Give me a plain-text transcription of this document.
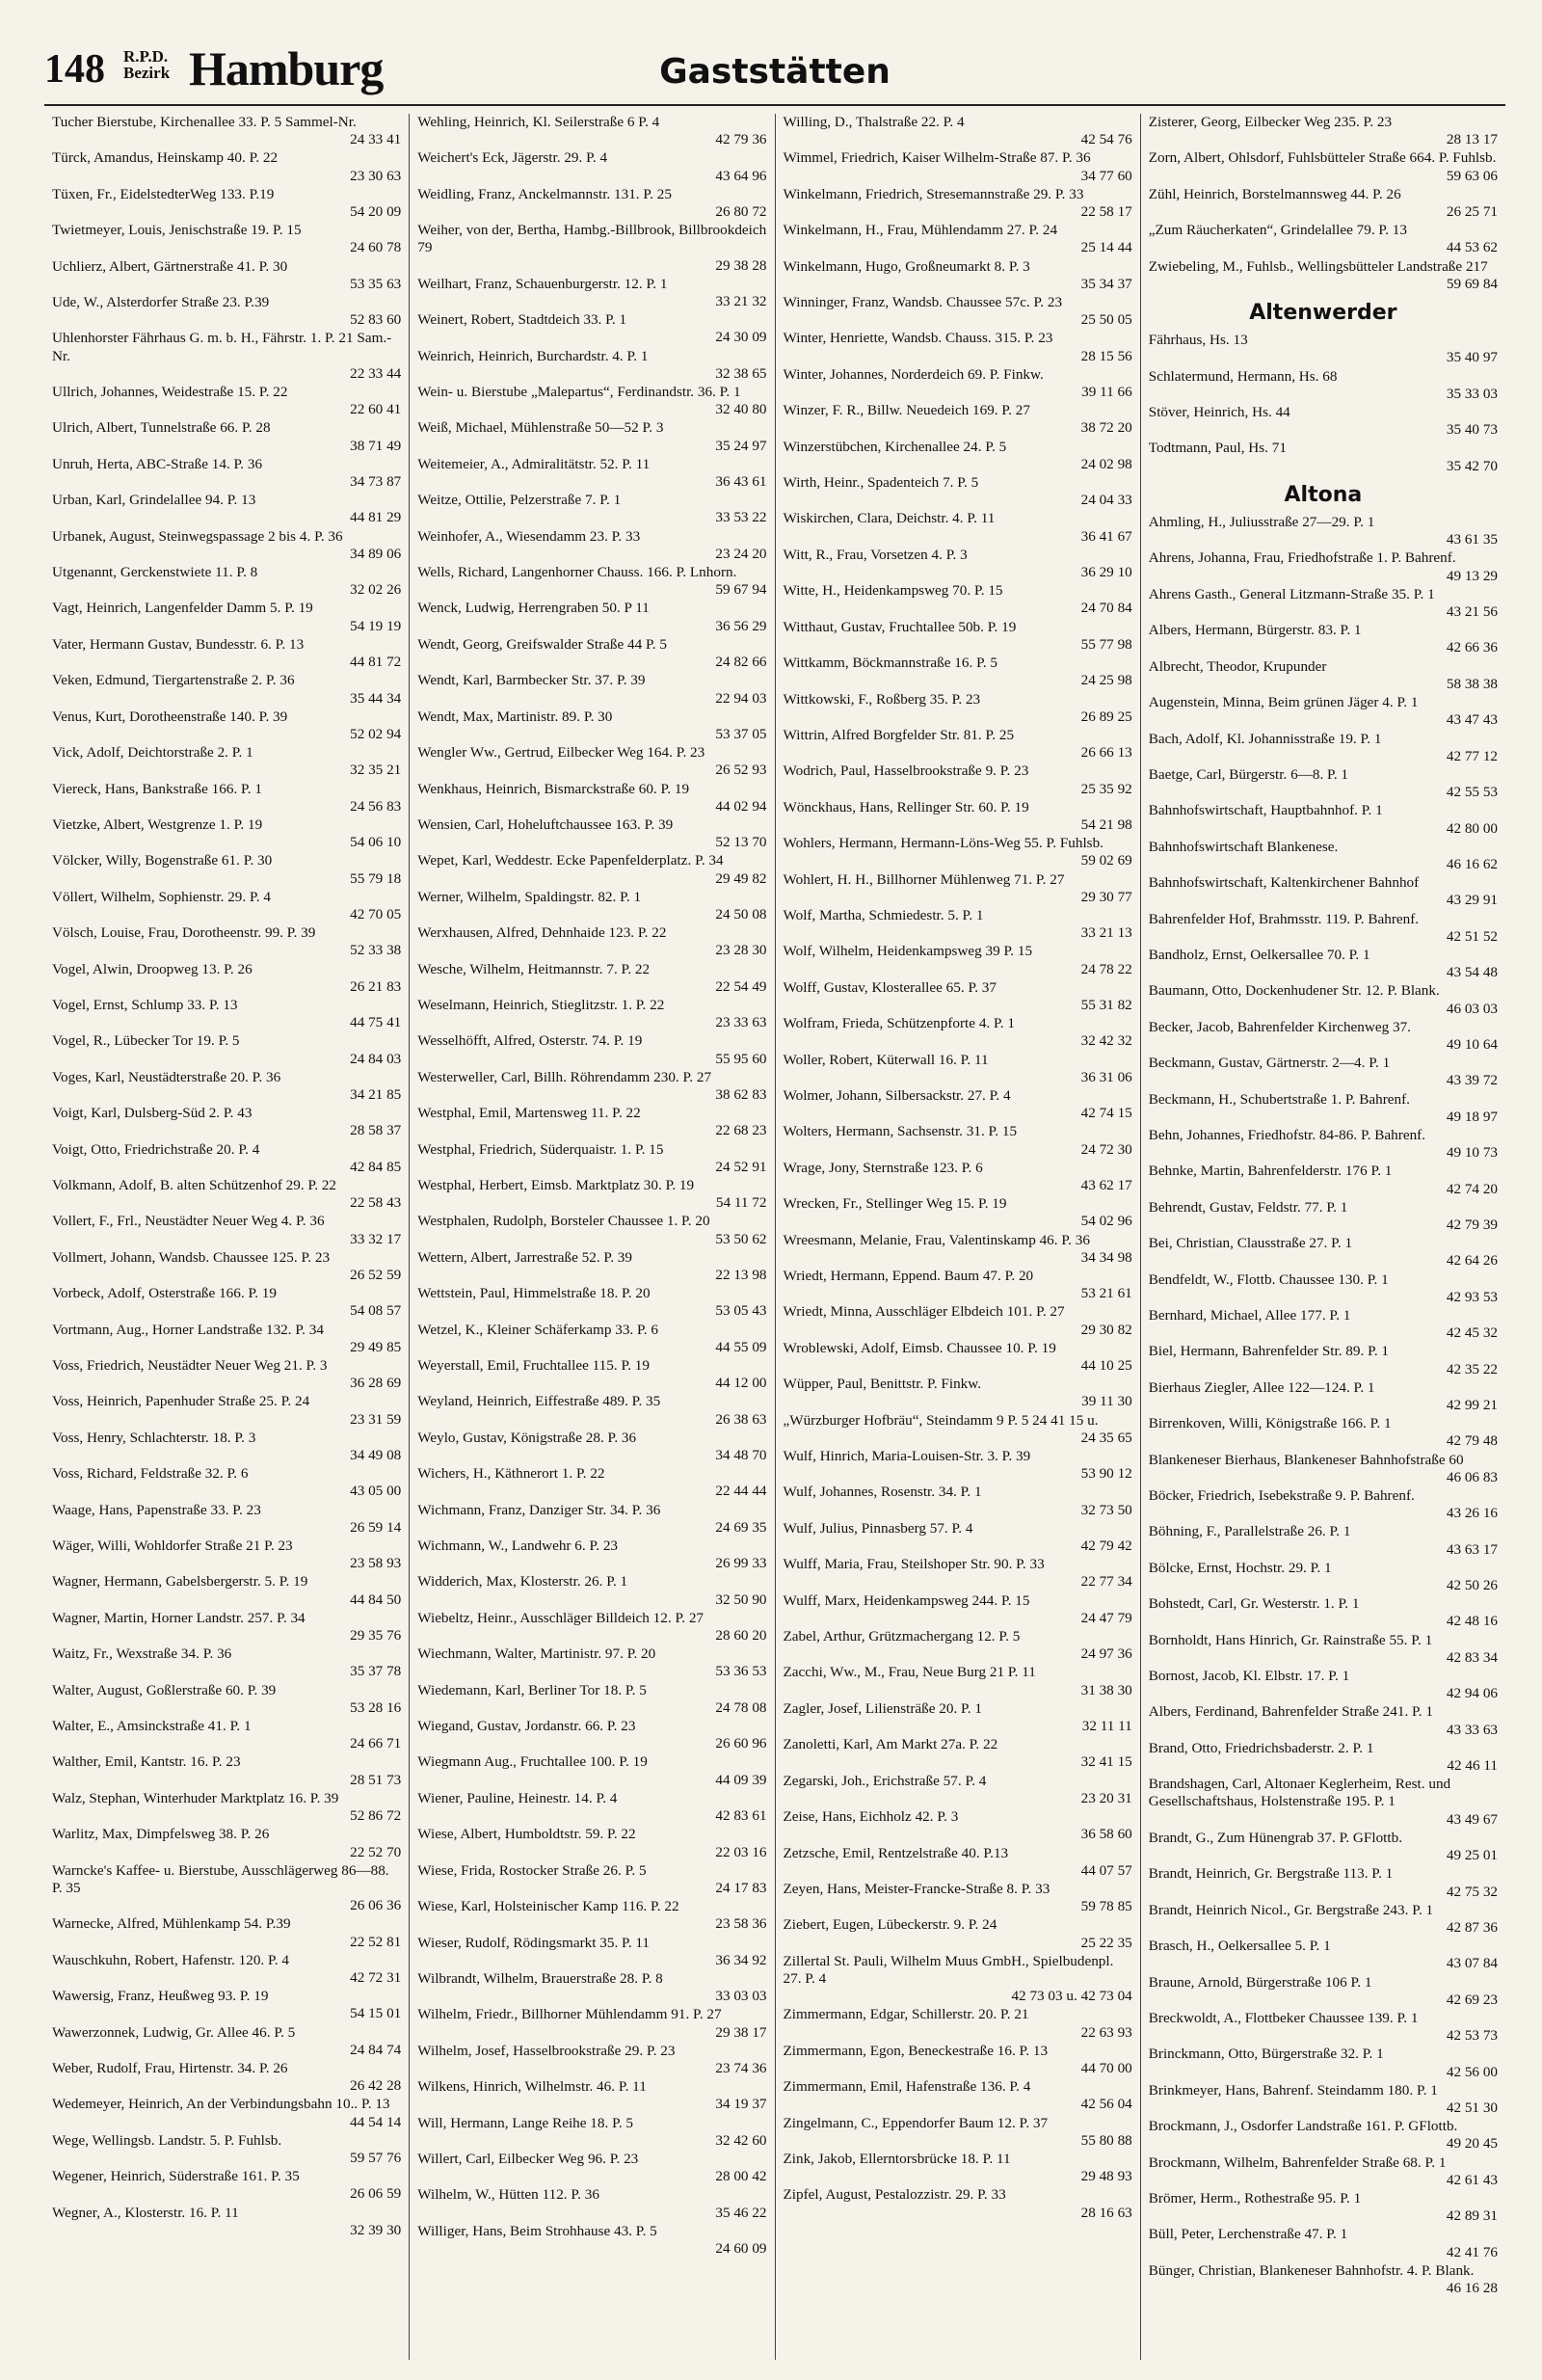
148 R.P.D.
Bezirk Hamburg	Gaststätten
Tucher Bierstube, Kirchenallee 33. P. 5 Sammel-Nr.
24 33 41
Türck, Amandus, Heinskamp 40. P. 22
23 30 63
Tüxen, Fr., EidelstedterWeg 133. P.19
54 20 09
Twietmeyer, Louis, Jenischstraße 19. P. 15
24 60 78
Uchlierz, Albert, Gärtnerstraße 41. P. 30
53 35 63
Ude, W., Alsterdorfer Straße 23. P.39
52 83 60
Uhlenhorster Fährhaus G. m. b. H., Fährstr. 1. P. 21 Sam.-Nr.
22 33 44
Ullrich, Johannes, Weidestraße 15. P. 22
22 60 41
Ulrich, Albert, Tunnelstraße 66. P. 28
38 71 49
Unruh, Herta, ABC-Straße 14. P. 36
34 73 87
Urban, Karl, Grindelallee 94. P. 13
44 81 29
Urbanek, August, Steinwegspassage 2 bis 4. P. 36
34 89 06
Utgenannt, Gerckenstwiete 11. P. 8
32 02 26
Vagt, Heinrich, Langenfelder Damm 5. P. 19
54 19 19
Vater, Hermann Gustav, Bundesstr. 6. P. 13
44 81 72
Veken, Edmund, Tiergartenstraße 2. P. 36
35 44 34
Venus, Kurt, Dorotheenstraße 140. P. 39
52 02 94
Vick, Adolf, Deichtorstraße 2. P. 1
32 35 21
Viereck, Hans, Bankstraße 166. P. 1
24 56 83
Vietzke, Albert, Westgrenze 1. P. 19
54 06 10
Völcker, Willy, Bogenstraße 61. P. 30
55 79 18
Völlert, Wilhelm, Sophienstr. 29. P. 4
42 70 05
Völsch, Louise, Frau, Dorotheenstr. 99. P. 39
52 33 38
Vogel, Alwin, Droopweg 13. P. 26
26 21 83
Vogel, Ernst, Schlump 33. P. 13
44 75 41
Vogel, R., Lübecker Tor 19. P. 5
24 84 03
Voges, Karl, Neustädterstraße 20. P. 36
34 21 85
Voigt, Karl, Dulsberg-Süd 2. P. 43
28 58 37
Voigt, Otto, Friedrichstraße 20. P. 4
42 84 85
Volkmann, Adolf, B. alten Schützenhof 29. P. 22
22 58 43
Vollert, F., Frl., Neustädter Neuer Weg 4. P. 36
33 32 17
Vollmert, Johann, Wandsb. Chaussee 125. P. 23
26 52 59
Vorbeck, Adolf, Osterstraße 166. P. 19
54 08 57
Vortmann, Aug., Horner Landstraße 132. P. 34
29 49 85
Voss, Friedrich, Neustädter Neuer Weg 21. P. 3
36 28 69
Voss, Heinrich, Papenhuder Straße 25. P. 24
23 31 59
Voss, Henry, Schlachterstr. 18. P. 3
34 49 08
Voss, Richard, Feldstraße 32. P. 6
43 05 00
Waage, Hans, Papenstraße 33. P. 23
26 59 14
Wäger, Willi, Wohldorfer Straße 21 P. 23
23 58 93
Wagner, Hermann, Gabelsbergerstr. 5. P. 19
44 84 50
Wagner, Martin, Horner Landstr. 257. P. 34
29 35 76
Waitz, Fr., Wexstraße 34. P. 36
35 37 78
Walter, August, Goßlerstraße 60. P. 39
53 28 16
Walter, E., Amsinckstraße 41. P. 1
24 66 71
Walther, Emil, Kantstr. 16. P. 23
28 51 73
Walz, Stephan, Winterhuder Marktplatz 16. P. 39
52 86 72
Warlitz, Max, Dimpfelsweg 38. P. 26
22 52 70
Warncke's Kaffee- u. Bierstube, Ausschlägerweg 86—88. P. 35
26 06 36
Warnecke, Alfred, Mühlenkamp 54. P.39
22 52 81
Wauschkuhn, Robert, Hafenstr. 120. P. 4
42 72 31
Wawersig, Franz, Heußweg 93. P. 19
54 15 01
Wawerzonnek, Ludwig, Gr. Allee 46. P. 5
24 84 74
Weber, Rudolf, Frau, Hirtenstr. 34. P. 26
26 42 28
Wedemeyer, Heinrich, An der Verbindungsbahn 10.. P. 13
44 54 14
Wege, Wellingsb. Landstr. 5. P. Fuhlsb.
59 57 76
Wegener, Heinrich, Süderstraße 161. P. 35
26 06 59
Wegner, A., Klosterstr. 16. P. 11
32 39 30
Wehling, Heinrich, Kl. Seilerstraße 6 P. 4
42 79 36
Weichert's Eck, Jägerstr. 29. P. 4
43 64 96
Weidling, Franz, Anckelmannstr. 131. P. 25
26 80 72
Weiher, von der, Bertha, Hambg.-Billbrook, Billbrookdeich 79
29 38 28
Weilhart, Franz, Schauenburgerstr. 12. P. 1
33 21 32
Weinert, Robert, Stadtdeich 33. P. 1
24 30 09
Weinrich, Heinrich, Burchardstr. 4. P. 1
32 38 65
Wein- u. Bierstube „Malepartus“, Ferdinandstr. 36. P. 1
32 40 80
Weiß, Michael, Mühlenstraße 50—52 P. 3
35 24 97
Weitemeier, A., Admiralitätstr. 52. P. 11
36 43 61
Weitze, Ottilie, Pelzerstraße 7. P. 1
33 53 22
Weinhofer, A., Wiesendamm 23. P. 33
23 24 20
Wells, Richard, Langenhorner Chauss. 166. P. Lnhorn.
59 67 94
Wenck, Ludwig, Herrengraben 50. P 11
36 56 29
Wendt, Georg, Greifswalder Straße 44 P. 5
24 82 66
Wendt, Karl, Barmbecker Str. 37. P. 39
22 94 03
Wendt, Max, Martinistr. 89. P. 30
53 37 05
Wengler Ww., Gertrud, Eilbecker Weg 164. P. 23
26 52 93
Wenkhaus, Heinrich, Bismarckstraße 60. P. 19
44 02 94
Wensien, Carl, Hoheluftchaussee 163. P. 39
52 13 70
Wepet, Karl, Weddestr. Ecke Papenfelderplatz. P. 34
29 49 82
Werner, Wilhelm, Spaldingstr. 82. P. 1
24 50 08
Werxhausen, Alfred, Dehnhaide 123. P. 22
23 28 30
Wesche, Wilhelm, Heitmannstr. 7. P. 22
22 54 49
Weselmann, Heinrich, Stieglitzstr. 1. P. 22
23 33 63
Wesselhöfft, Alfred, Osterstr. 74. P. 19
55 95 60
Westerweller, Carl, Billh. Röhrendamm 230. P. 27
38 62 83
Westphal, Emil, Martensweg 11. P. 22
22 68 23
Westphal, Friedrich, Süderquaistr. 1. P. 15
24 52 91
Westphal, Herbert, Eimsb. Marktplatz 30. P. 19
54 11 72
Westphalen, Rudolph, Borsteler Chaussee 1. P. 20
53 50 62
Wettern, Albert, Jarrestraße 52. P. 39
22 13 98
Wettstein, Paul, Himmelstraße 18. P. 20
53 05 43
Wetzel, K., Kleiner Schäferkamp 33. P. 6
44 55 09
Weyerstall, Emil, Fruchtallee 115. P. 19
44 12 00
Weyland, Heinrich, Eiffestraße 489. P. 35
26 38 63
Weylo, Gustav, Königstraße 28. P. 36
34 48 70
Wichers, H., Käthnerort 1. P. 22
22 44 44
Wichmann, Franz, Danziger Str. 34. P. 36
24 69 35
Wichmann, W., Landwehr 6. P. 23
26 99 33
Widderich, Max, Klosterstr. 26. P. 1
32 50 90
Wiebeltz, Heinr., Ausschläger Billdeich 12. P. 27
28 60 20
Wiechmann, Walter, Martinistr. 97. P. 20
53 36 53
Wiedemann, Karl, Berliner Tor 18. P. 5
24 78 08
Wiegand, Gustav, Jordanstr. 66. P. 23
26 60 96
Wiegmann Aug., Fruchtallee 100. P. 19
44 09 39
Wiener, Pauline, Heinestr. 14. P. 4
42 83 61
Wiese, Albert, Humboldtstr. 59. P. 22
22 03 16
Wiese, Frida, Rostocker Straße 26. P. 5
24 17 83
Wiese, Karl, Holsteinischer Kamp 116. P. 22
23 58 36
Wieser, Rudolf, Rödingsmarkt 35. P. 11
36 34 92
Wilbrandt, Wilhelm, Brauerstraße 28. P. 8
33 03 03
Wilhelm, Friedr., Billhorner Mühlendamm 91. P. 27
29 38 17
Wilhelm, Josef, Hasselbrookstraße 29. P. 23
23 74 36
Wilkens, Hinrich, Wilhelmstr. 46. P. 11
34 19 37
Will, Hermann, Lange Reihe 18. P. 5
32 42 60
Willert, Carl, Eilbecker Weg 96. P. 23
28 00 42
Wilhelm, W., Hütten 112. P. 36
35 46 22
Williger, Hans, Beim Strohhause 43. P. 5
24 60 09
Willing, D., Thalstraße 22. P. 4
42 54 76
Wimmel, Friedrich, Kaiser Wilhelm-Straße 87. P. 36
34 77 60
Winkelmann, Friedrich, Stresemannstraße 29. P. 33
22 58 17
Winkelmann, H., Frau, Mühlendamm 27. P. 24
25 14 44
Winkelmann, Hugo, Großneumarkt 8. P. 3
35 34 37
Winninger, Franz, Wandsb. Chaussee 57c. P. 23
25 50 05
Winter, Henriette, Wandsb. Chauss. 315. P. 23
28 15 56
Winter, Johannes, Norderdeich 69. P. Finkw.
39 11 66
Winzer, F. R., Billw. Neuedeich 169. P. 27
38 72 20
Winzerstübchen, Kirchenallee 24. P. 5
24 02 98
Wirth, Heinr., Spadenteich 7. P. 5
24 04 33
Wiskirchen, Clara, Deichstr. 4. P. 11
36 41 67
Witt, R., Frau, Vorsetzen 4. P. 3
36 29 10
Witte, H., Heidenkampsweg 70. P. 15
24 70 84
Witthaut, Gustav, Fruchtallee 50b. P. 19
55 77 98
Wittkamm, Böckmannstraße 16. P. 5
24 25 98
Wittkowski, F., Roßberg 35. P. 23
26 89 25
Wittrin, Alfred Borgfelder Str. 81. P. 25
26 66 13
Wodrich, Paul, Hasselbrookstraße 9. P. 23
25 35 92
Wönckhaus, Hans, Rellinger Str. 60. P. 19
54 21 98
Wohlers, Hermann, Hermann-Löns-Weg 55. P. Fuhlsb.
59 02 69
Wohlert, H. H., Billhorner Mühlenweg 71. P. 27
29 30 77
Wolf, Martha, Schmiedestr. 5. P. 1
33 21 13
Wolf, Wilhelm, Heidenkampsweg 39 P. 15
24 78 22
Wolff, Gustav, Klosterallee 65. P. 37
55 31 82
Wolfram, Frieda, Schützenpforte 4. P. 1
32 42 32
Woller, Robert, Küterwall 16. P. 11
36 31 06
Wolmer, Johann, Silbersackstr. 27. P. 4
42 74 15
Wolters, Hermann, Sachsenstr. 31. P. 15
24 72 30
Wrage, Jony, Sternstraße 123. P. 6
43 62 17
Wrecken, Fr., Stellinger Weg 15. P. 19
54 02 96
Wreesmann, Melanie, Frau, Valentinskamp 46. P. 36
34 34 98
Wriedt, Hermann, Eppend. Baum 47. P. 20
53 21 61
Wriedt, Minna, Ausschläger Elbdeich 101. P. 27
29 30 82
Wroblewski, Adolf, Eimsb. Chaussee 10. P. 19
44 10 25
Wüpper, Paul, Benittstr. P. Finkw.
39 11 30
„Würzburger Hofbräu“, Steindamm 9 P. 5 24 41 15 u.
24 35 65
Wulf, Hinrich, Maria-Louisen-Str. 3. P. 39
53 90 12
Wulf, Johannes, Rosenstr. 34. P. 1
32 73 50
Wulf, Julius, Pinnasberg 57. P. 4
42 79 42
Wulff, Maria, Frau, Steilshoper Str. 90. P. 33
22 77 34
Wulff, Marx, Heidenkampsweg 244. P. 15
24 47 79
Zabel, Arthur, Grützmachergang 12. P. 5
24 97 36
Zacchi, Ww., M., Frau, Neue Burg 21 P. 11
31 38 30
Zagler, Josef, Liliensträße 20. P. 1
32 11 11
Zanoletti, Karl, Am Markt 27a. P. 22
32 41 15
Zegarski, Joh., Erichstraße 57. P. 4
23 20 31
Zeise, Hans, Eichholz 42. P. 3
36 58 60
Zetzsche, Emil, Rentzelstraße 40. P.13
44 07 57
Zeyen, Hans, Meister-Francke-Straße 8. P. 33
59 78 85
Ziebert, Eugen, Lübeckerstr. 9. P. 24
25 22 35
Zillertal St. Pauli, Wilhelm Muus GmbH., Spielbudenpl. 27. P. 4
42 73 03 u. 42 73 04
Zimmermann, Edgar, Schillerstr. 20. P. 21
22 63 93
Zimmermann, Egon, Beneckestraße 16. P. 13
44 70 00
Zimmermann, Emil, Hafenstraße 136. P. 4
42 56 04
Zingelmann, C., Eppendorfer Baum 12. P. 37
55 80 88
Zink, Jakob, Ellerntorsbrücke 18. P. 11
29 48 93
Zipfel, August, Pestalozzistr. 29. P. 33
28 16 63
Zisterer, Georg, Eilbecker Weg 235. P. 23
28 13 17
Zorn, Albert, Ohlsdorf, Fuhlsbütteler Straße 664. P. Fuhlsb.
59 63 06
Zühl, Heinrich, Borstelmannsweg 44. P. 26
26 25 71
„Zum Räucherkaten“, Grindelallee 79. P. 13
44 53 62
Zwiebeling, M., Fuhlsb., Wellingsbütteler Landstraße 217
59 69 84
Altenwerder
Fährhaus, Hs. 13
35 40 97
Schlatermund, Hermann, Hs. 68
35 33 03
Stöver, Heinrich, Hs. 44
35 40 73
Todtmann, Paul, Hs. 71
35 42 70
Altona
Ahmling, H., Juliusstraße 27—29. P. 1
43 61 35
Ahrens, Johanna, Frau, Friedhofstraße 1. P. Bahrenf.
49 13 29
Ahrens Gasth., General Litzmann-Straße 35. P. 1
43 21 56
Albers, Hermann, Bürgerstr. 83. P. 1
42 66 36
Albrecht, Theodor, Krupunder
58 38 38
Augenstein, Minna, Beim grünen Jäger 4. P. 1
43 47 43
Bach, Adolf, Kl. Johannisstraße 19. P. 1
42 77 12
Baetge, Carl, Bürgerstr. 6—8. P. 1
42 55 53
Bahnhofswirtschaft, Hauptbahnhof. P. 1
42 80 00
Bahnhofswirtschaft Blankenese.
46 16 62
Bahnhofswirtschaft, Kaltenkirchener Bahnhof
43 29 91
Bahrenfelder Hof, Brahmsstr. 119. P. Bahrenf.
42 51 52
Bandholz, Ernst, Oelkersallee 70. P. 1
43 54 48
Baumann, Otto, Dockenhudener Str. 12. P. Blank.
46 03 03
Becker, Jacob, Bahrenfelder Kirchenweg 37.
49 10 64
Beckmann, Gustav, Gärtnerstr. 2—4. P. 1
43 39 72
Beckmann, H., Schubertstraße 1. P. Bahrenf.
49 18 97
Behn, Johannes, Friedhofstr. 84-86. P. Bahrenf.
49 10 73
Behnke, Martin, Bahrenfelderstr. 176 P. 1
42 74 20
Behrendt, Gustav, Feldstr. 77. P. 1
42 79 39
Bei, Christian, Clausstraße 27. P. 1
42 64 26
Bendfeldt, W., Flottb. Chaussee 130. P. 1
42 93 53
Bernhard, Michael, Allee 177. P. 1
42 45 32
Biel, Hermann, Bahrenfelder Str. 89. P. 1
42 35 22
Bierhaus Ziegler, Allee 122—124. P. 1
42 99 21
Birrenkoven, Willi, Königstraße 166. P. 1
42 79 48
Blankeneser Bierhaus, Blankeneser Bahnhofstraße 60
46 06 83
Böcker, Friedrich, Isebekstraße 9. P. Bahrenf.
43 26 16
Böhning, F., Parallelstraße 26. P. 1
43 63 17
Bölcke, Ernst, Hochstr. 29. P. 1
42 50 26
Bohstedt, Carl, Gr. Westerstr. 1. P. 1
42 48 16
Bornholdt, Hans Hinrich, Gr. Rainstraße 55. P. 1
42 83 34
Bornost, Jacob, Kl. Elbstr. 17. P. 1
42 94 06
Albers, Ferdinand, Bahrenfelder Straße 241. P. 1
43 33 63
Brand, Otto, Friedrichsbaderstr. 2. P. 1
42 46 11
Brandshagen, Carl, Altonaer Keglerheim, Rest. und Gesellschaftshaus, Holstenstraße 195. P. 1
43 49 67
Brandt, G., Zum Hünengrab 37. P. GFlottb.
49 25 01
Brandt, Heinrich, Gr. Bergstraße 113. P. 1
42 75 32
Brandt, Heinrich Nicol., Gr. Bergstraße 243. P. 1
42 87 36
Brasch, H., Oelkersallee 5. P. 1
43 07 84
Braune, Arnold, Bürgerstraße 106 P. 1
42 69 23
Breckwoldt, A., Flottbeker Chaussee 139. P. 1
42 53 73
Brinckmann, Otto, Bürgerstraße 32. P. 1
42 56 00
Brinkmeyer, Hans, Bahrenf. Steindamm 180. P. 1
42 51 30
Brockmann, J., Osdorfer Landstraße 161. P. GFlottb.
49 20 45
Brockmann, Wilhelm, Bahrenfelder Straße 68. P. 1
42 61 43
Brömer, Herm., Rothestraße 95. P. 1
42 89 31
Büll, Peter, Lerchenstraße 47. P. 1
42 41 76
Bünger, Christian, Blankeneser Bahnhofstr. 4. P. Blank.
46 16 28
